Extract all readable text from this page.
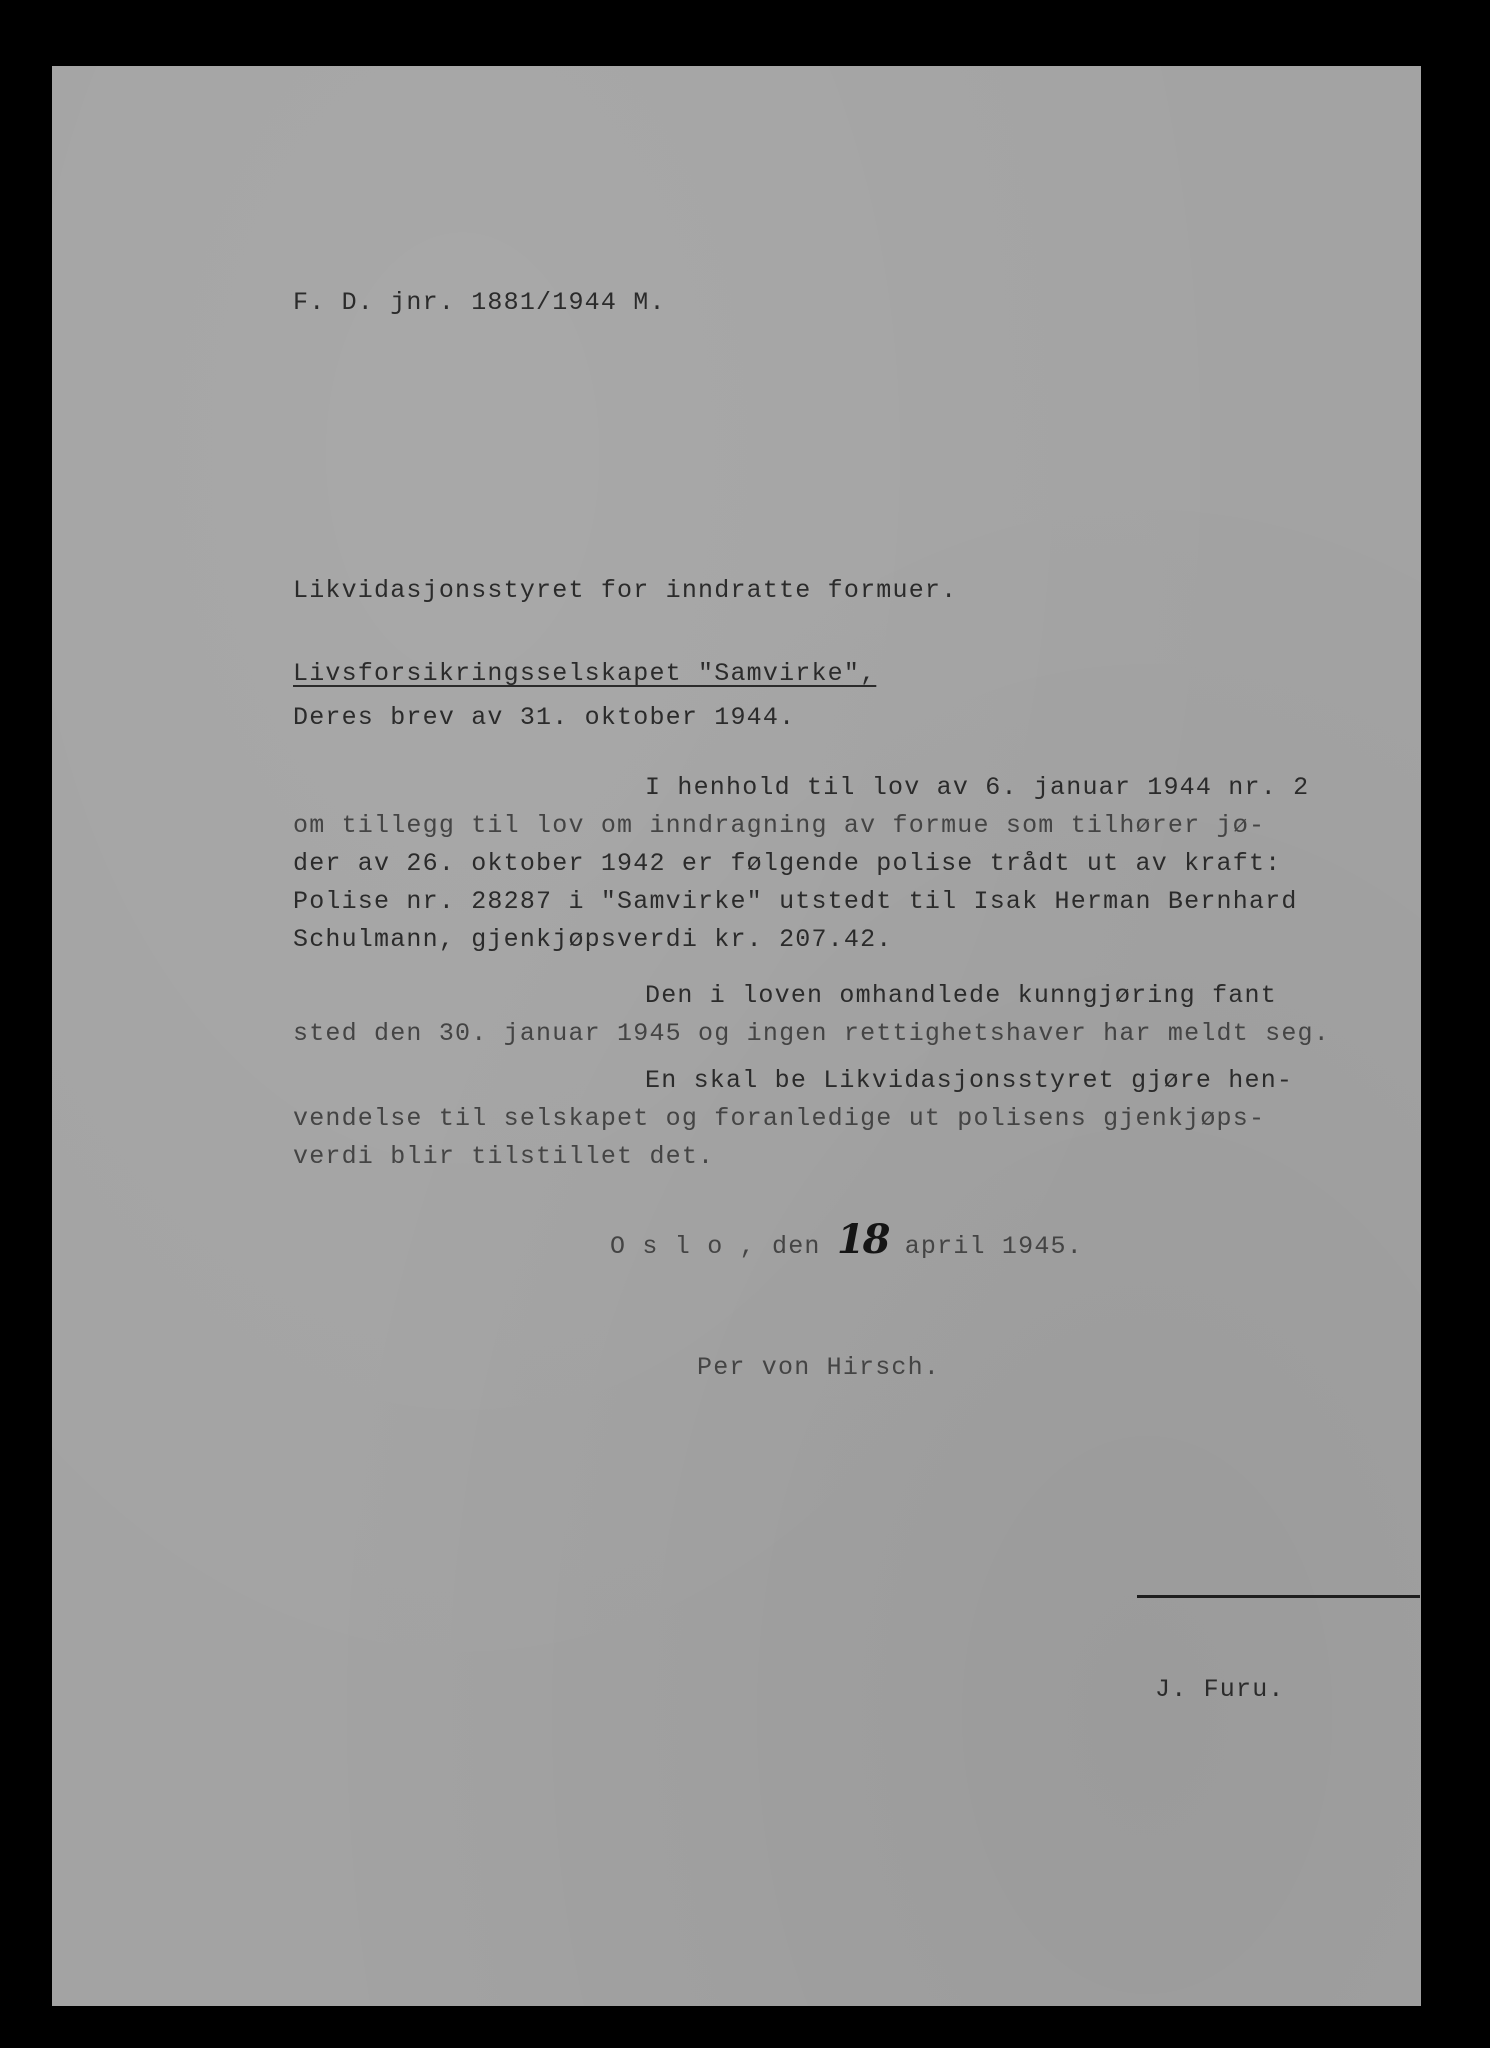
F. D. jnr. 1881/1944 M.

Likvidasjonsstyret for inndratte formuer.

Livsforsikringsselskapet "Samvirke",

Deres brev av 31. oktober 1944.

I henhold til lov av 6. januar 1944 nr. 2

om tillegg til lov om inndragning av formue som tilhører jø-

der av 26. oktober 1942 er følgende polise trådt ut av kraft:

Polise nr. 28287 i "Samvirke" utstedt til Isak Herman Bernhard

Schulmann, gjenkjøpsverdi kr. 207.42.

Den i loven omhandlede kunngjøring fant

sted den 30. januar 1945 og ingen rettighetshaver har meldt seg.

En skal be Likvidasjonsstyret gjøre hen-

vendelse til selskapet og foranledige ut polisens gjenkjøps-

verdi blir tilstillet det.

O s l o , den 18 april 1945.

Per von Hirsch.

J. Furu.
